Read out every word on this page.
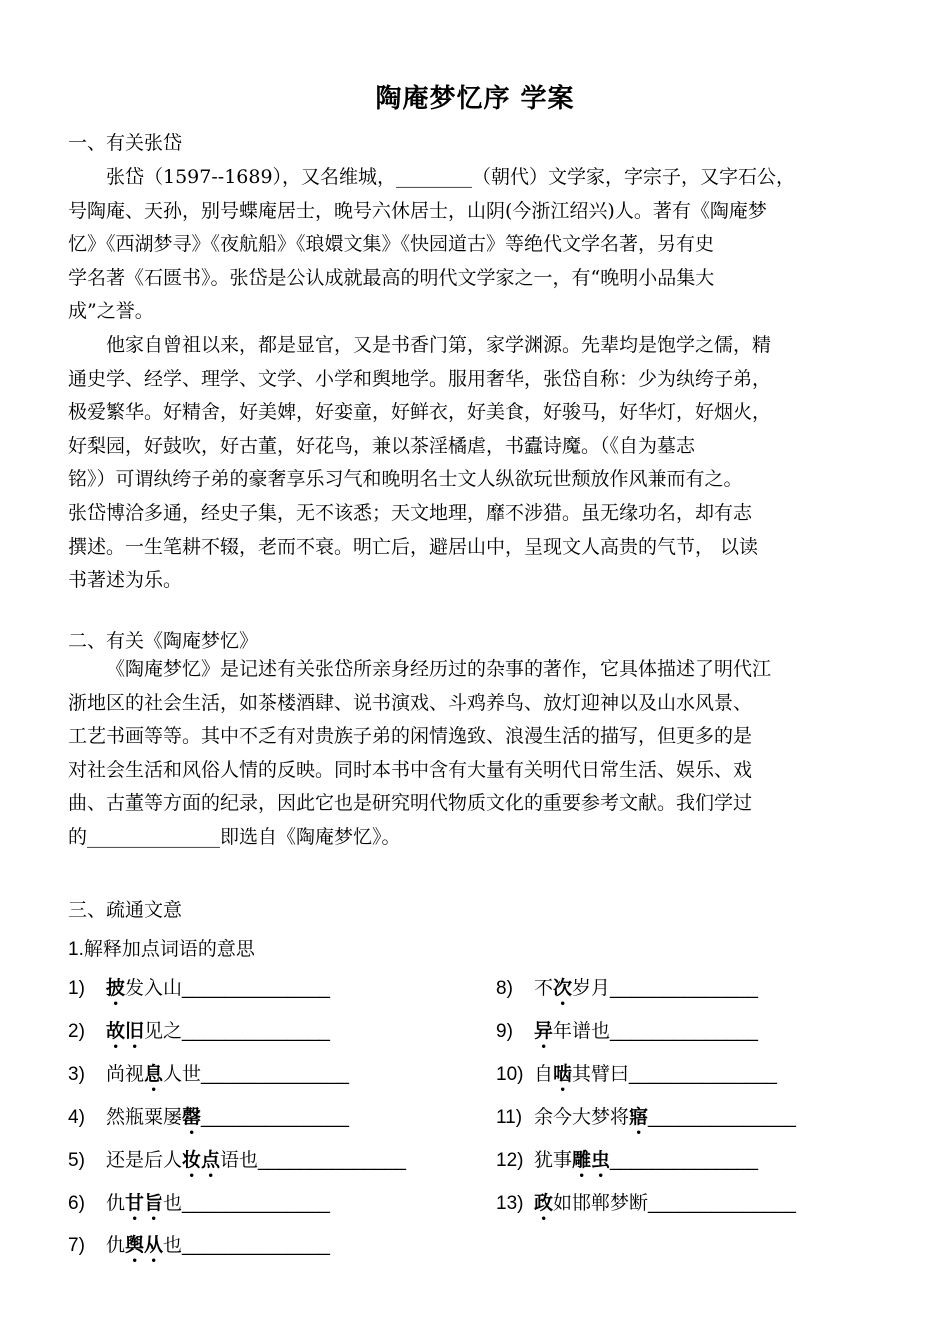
陶庵梦忆序 学案
一、有关张岱
张岱（1597--1689），又名维城，________（朝代）文学家，字宗子，又字石公，
号陶庵、天孙，别号蝶庵居士，晚号六休居士，山阴(今浙江绍兴)人。著有《陶庵梦
忆》《西湖梦寻》《夜航船》《琅嬛文集》《快园道古》等绝代文学名著，另有史
学名著《石匮书》。张岱是公认成就最高的明代文学家之一，有“晚明小品集大
成”之誉。
他家自曾祖以来，都是显官，又是书香门第，家学渊源。先辈均是饱学之儒，精
通史学、经学、理学、文学、小学和舆地学。服用奢华，张岱自称：少为纨绔子弟，
极爱繁华。好精舍，好美婢，好娈童，好鲜衣，好美食，好骏马，好华灯，好烟火，
好梨园，好鼓吹，好古董，好花鸟，兼以茶淫橘虐，书蠹诗魔。（《自为墓志
铭》）可谓纨绔子弟的豪奢享乐习气和晚明名士文人纵欲玩世颓放作风兼而有之。
张岱博洽多通，经史子集，无不该悉；天文地理，靡不涉猎。虽无缘功名，却有志
撰述。一生笔耕不辍，老而不衰。明亡后，避居山中，呈现文人高贵的气节， 以读
书著述为乐。
二、有关《陶庵梦忆》
《陶庵梦忆》是记述有关张岱所亲身经历过的杂事的著作，它具体描述了明代江
浙地区的社会生活，如茶楼酒肆、说书演戏、斗鸡养鸟、放灯迎神以及山水风景、
工艺书画等等。其中不乏有对贵族子弟的闲情逸致、浪漫生活的描写，但更多的是
对社会生活和风俗人情的反映。同时本书中含有大量有关明代日常生活、娱乐、戏
曲、古董等方面的纪录，因此它也是研究明代物质文化的重要参考文献。我们学过
的______________即选自《陶庵梦忆》。
三、疏通文意
1.解释加点词语的意思
1) 披发入山______________
2) 故旧见之______________
3) 尚视息人世______________
4) 然瓶粟屡罄______________
5) 还是后人妆点语也______________
6) 仇甘旨也______________
7) 仇舆从也______________
8) 不次岁月______________
9) 异年谱也______________
10) 自啮其臂曰______________
11) 余今大梦将寤______________
12) 犹事雕虫______________
13) 政如邯郸梦断______________
